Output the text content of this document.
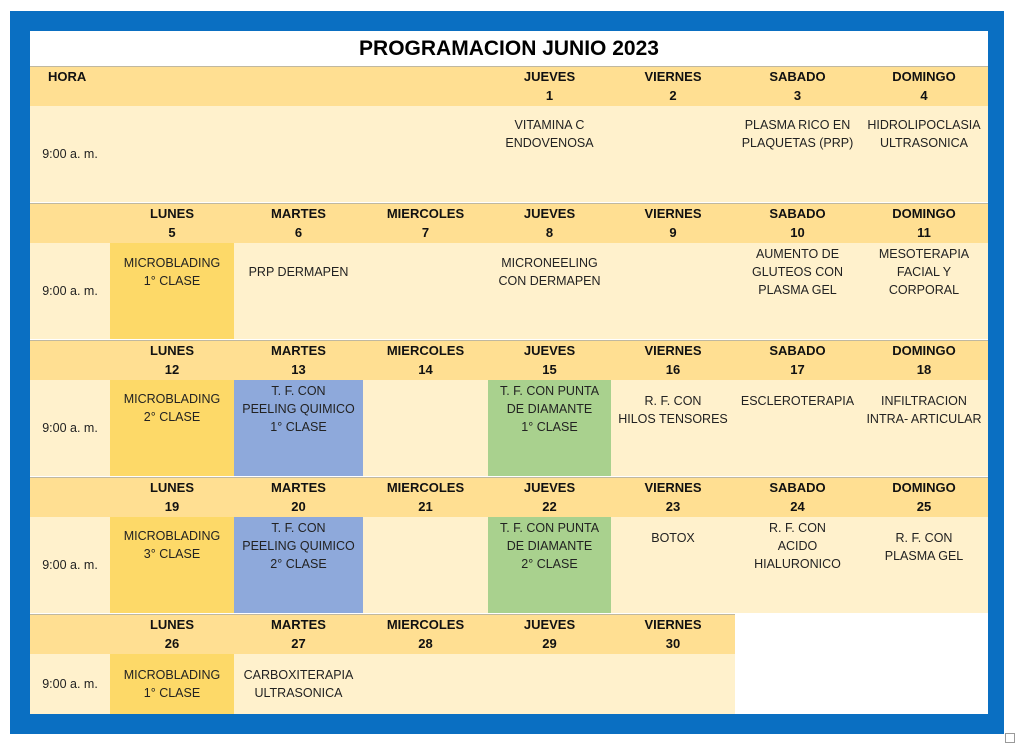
PROGRAMACION JUNIO 2023
HORA	JUEVES
1
VIERNES
2
SABADO
3
DOMINGO
4
9:00 a. m.
VITAMINA C
ENDOVENOSA
PLASMA RICO EN
PLAQUETAS (PRP)
HIDROLIPOCLASIA
ULTRASONICA
LUNES
5
MARTES
6
MIERCOLES
7
JUEVES
8
VIERNES
9
SABADO
10
DOMINGO
11
9:00 a. m.
MICROBLADING
1° CLASE
PRP DERMAPEN
MICRONEELING
CON DERMAPEN
AUMENTO DE
GLUTEOS CON
PLASMA GEL
MESOTERAPIA
FACIAL Y
CORPORAL
LUNES
12
MARTES
13
MIERCOLES
14
JUEVES
15
VIERNES
16
SABADO
17
DOMINGO
18
9:00 a. m.
MICROBLADING
2° CLASE
T. F. CON
PEELING QUIMICO
1° CLASE
T. F. CON PUNTA
DE DIAMANTE
1° CLASE
R. F. CON
HILOS TENSORES
ESCLEROTERAPIA	INFILTRACION
INTRA- ARTICULAR
LUNES
19
MARTES
20
MIERCOLES
21
JUEVES
22
VIERNES
23
SABADO
24
DOMINGO
25
9:00 a. m.
MICROBLADING
3° CLASE
T. F. CON
PEELING QUIMICO
2° CLASE
T. F. CON PUNTA
DE DIAMANTE
2° CLASE
BOTOX
R. F. CON
ACIDO
HIALURONICO
R. F. CON
PLASMA GEL
LUNES
26
MARTES
27
MIERCOLES
28
JUEVES
29
VIERNES
30
9:00 a. m.
MICROBLADING
1° CLASE
CARBOXITERAPIA
ULTRASONICA
